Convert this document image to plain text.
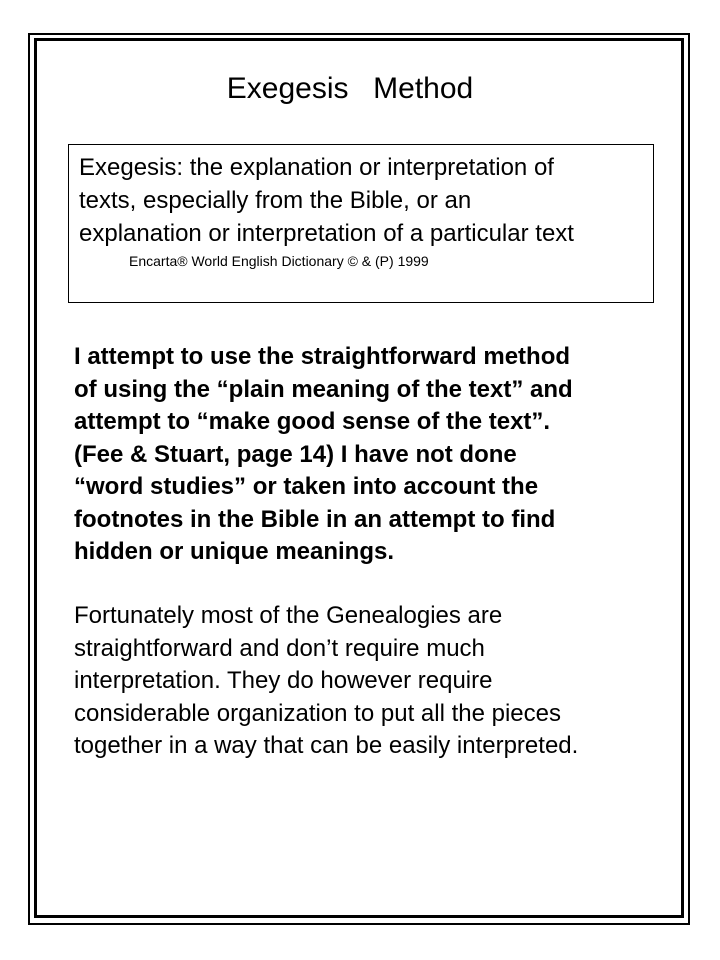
Exegesis  Method

Exegesis: the explanation or interpretation of
texts, especially from the Bible, or an
explanation or interpretation of a particular text

Encarta® World English Dictionary © & (P) 1999

I attempt to use the straightforward method
of using the “plain meaning of the text” and
attempt to “make good sense of the text”.
(Fee & Stuart, page 14) I have not done
“word studies” or taken into account the
footnotes in the Bible in an attempt to find
hidden or unique meanings.

Fortunately most of the Genealogies are
straightforward and don’t require much
interpretation. They do however require
considerable organization to put all the pieces
together in a way that can be easily interpreted.
